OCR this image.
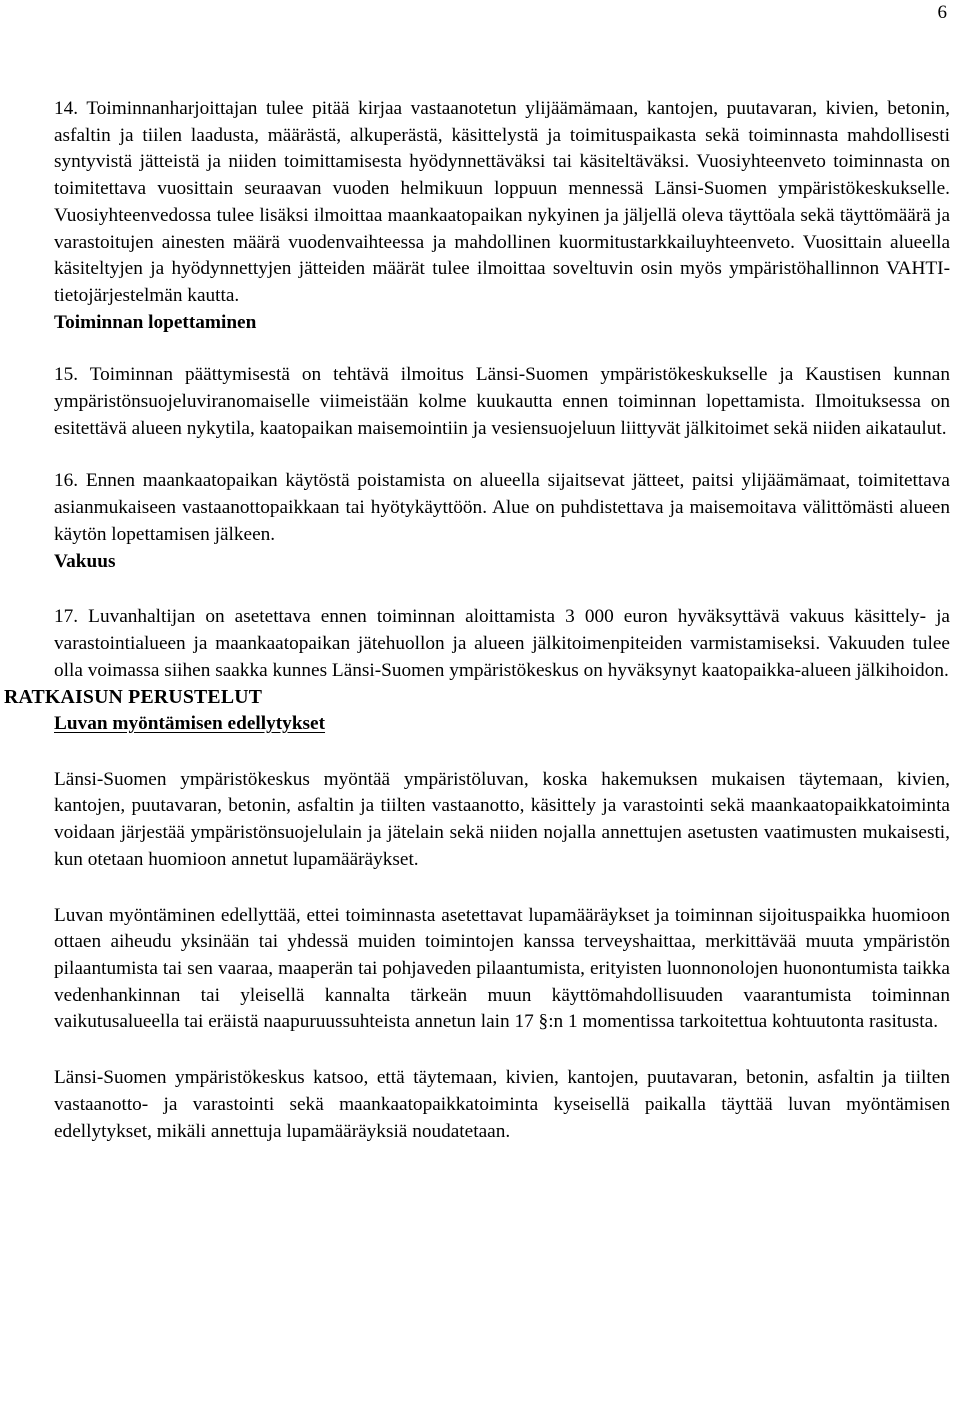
6

14. Toiminnanharjoittajan tulee pitää kirjaa vastaanotetun ylijäämämaan, kantojen, puutavaran, kivien, betonin, asfaltin ja tiilen laadusta, määrästä, alkuperästä, käsittelystä ja toimituspaikasta sekä toiminnasta mahdollisesti syntyvistä jätteistä ja niiden toimittamisesta hyödynnettäväksi tai käsiteltäväksi. Vuosiyhteenveto toiminnasta on toimitettava vuosittain seuraavan vuoden helmikuun loppuun mennessä Länsi-Suomen ympäristökeskukselle. Vuosiyhteenvedossa tulee lisäksi ilmoittaa maankaatopaikan nykyinen ja jäljellä oleva täyttöala sekä täyttömäärä ja varastoitujen ainesten määrä vuodenvaihteessa ja mahdollinen kuormitustarkkailuyhteenveto. Vuosittain alueella käsiteltyjen ja hyödynnettyjen jätteiden määrät tulee ilmoittaa soveltuvin osin myös ympäristöhallinnon VAHTI-tietojärjestelmän kautta.

Toiminnan lopettaminen

15. Toiminnan päättymisestä on tehtävä ilmoitus Länsi-Suomen ympäristökeskukselle ja Kaustisen kunnan ympäristönsuojeluviranomaiselle viimeistään kolme kuukautta ennen toiminnan lopettamista. Ilmoituksessa on esitettävä alueen nykytila, kaatopaikan maisemointiin ja vesiensuojeluun liittyvät jälkitoimet sekä niiden aikataulut.

16. Ennen maankaatopaikan käytöstä poistamista on alueella sijaitsevat jätteet, paitsi ylijäämämaat, toimitettava asianmukaiseen vastaanottopaikkaan tai hyötykäyttöön. Alue on puhdistettava ja maisemoitava välittömästi alueen käytön lopettamisen jälkeen.

Vakuus

17. Luvanhaltijan on asetettava ennen toiminnan aloittamista 3 000 euron hyväksyttävä vakuus käsittely- ja varastointialueen ja maankaatopaikan jätehuollon ja alueen jälkitoimenpiteiden varmistamiseksi. Vakuuden tulee olla voimassa siihen saakka kunnes Länsi-Suomen ympäristökeskus on hyväksynyt kaatopaikka-alueen jälkihoidon.

RATKAISUN PERUSTELUT

Luvan myöntämisen edellytykset

Länsi-Suomen ympäristökeskus myöntää ympäristöluvan, koska hakemuksen mukaisen täytemaan, kivien, kantojen, puutavaran, betonin, asfaltin ja tiilten vastaanotto, käsittely ja varastointi sekä maankaatopaikkatoiminta voidaan järjestää ympäristönsuojelulain ja jätelain sekä niiden nojalla annettujen asetusten vaatimusten mukaisesti, kun otetaan huomioon annetut lupamääräykset.

Luvan myöntäminen edellyttää, ettei toiminnasta asetettavat lupamääräykset ja toiminnan sijoituspaikka huomioon ottaen aiheudu yksinään tai yhdessä muiden toimintojen kanssa terveyshaittaa, merkittävää muuta ympäristön pilaantumista tai sen vaaraa, maaperän tai pohjaveden pilaantumista, erityisten luonnonolojen huonontumista taikka vedenhankinnan tai yleisellä kannalta tärkeän muun käyttömahdollisuuden vaarantumista toiminnan vaikutusalueella tai eräistä naapuruussuhteista annetun lain 17 §:n 1 momentissa tarkoitettua kohtuutonta rasitusta.

Länsi-Suomen ympäristökeskus katsoo, että täytemaan, kivien, kantojen, puutavaran, betonin, asfaltin ja tiilten vastaanotto- ja varastointi sekä maankaatopaikkatoiminta kyseisellä paikalla täyttää luvan myöntämisen edellytykset, mikäli annettuja lupamääräyksiä noudatetaan.
